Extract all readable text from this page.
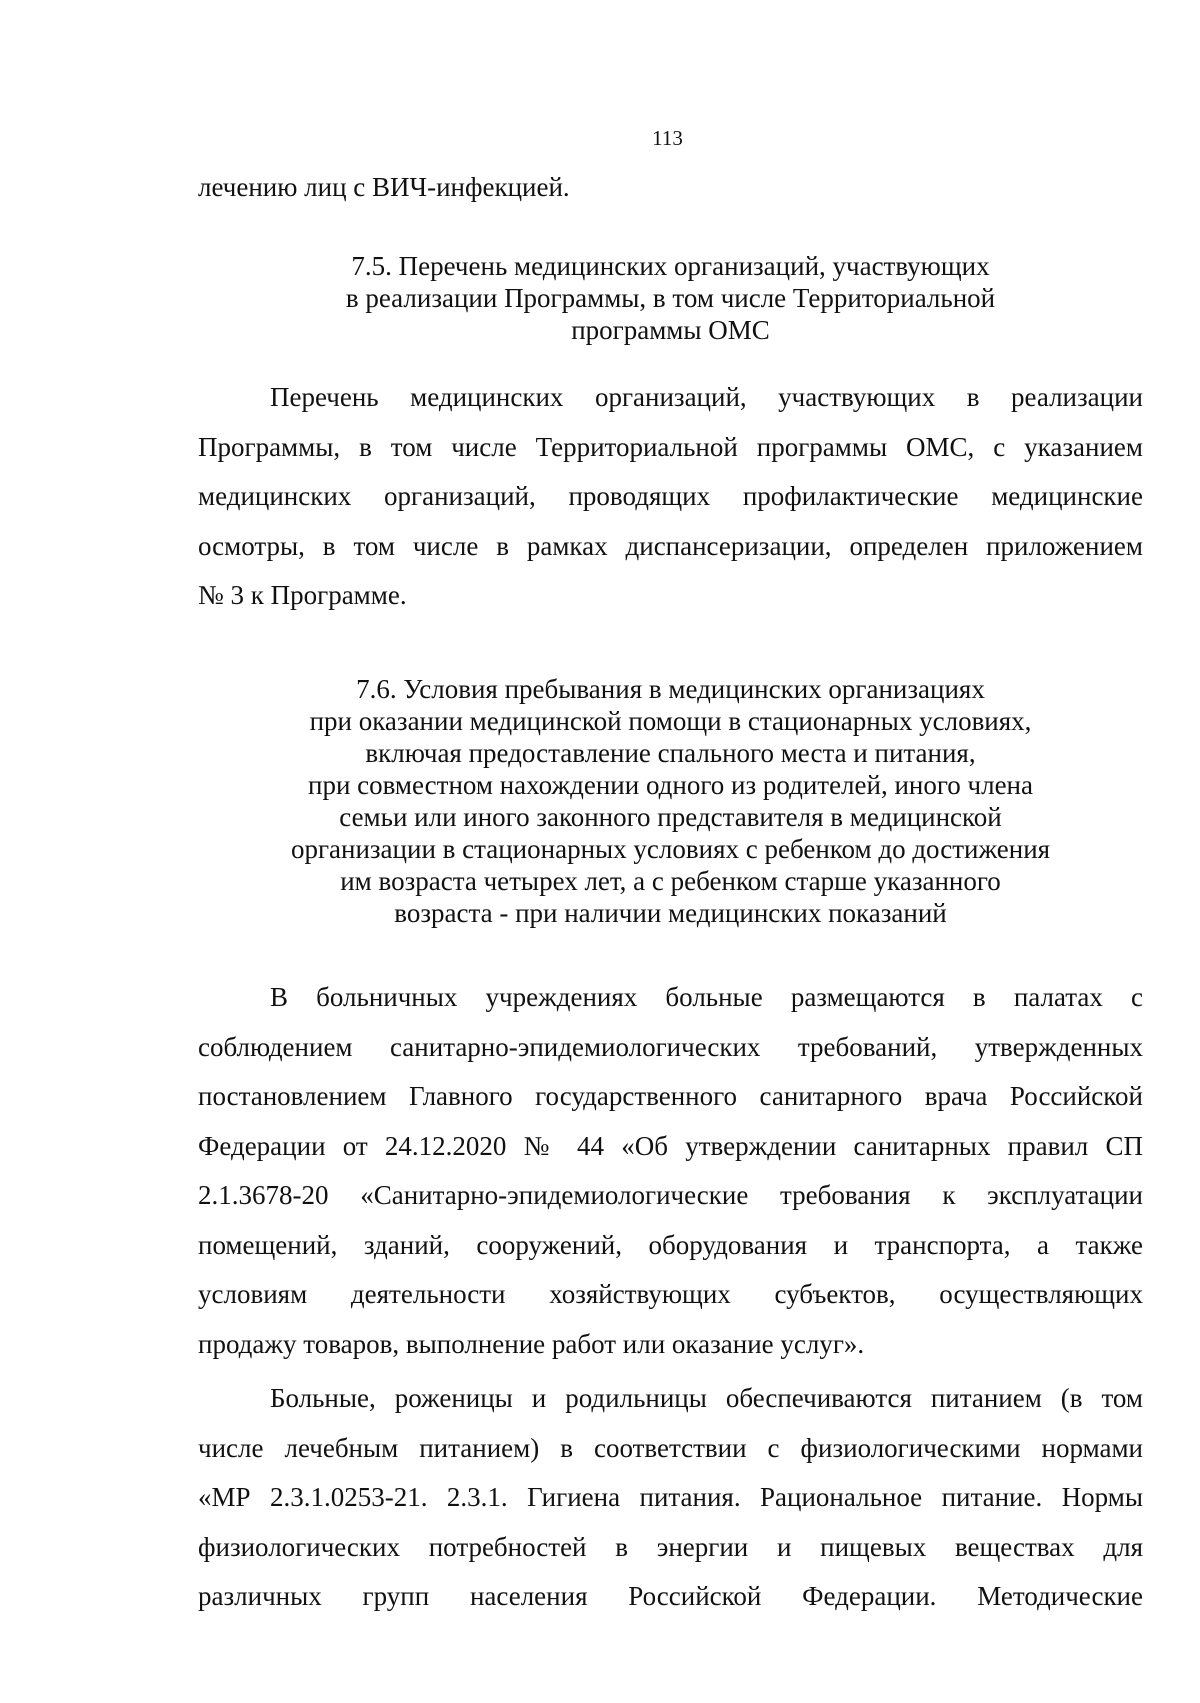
113
лечению лиц с ВИЧ-инфекцией.
7.5. Перечень медицинских организаций, участвующих
в реализации Программы, в том числе Территориальной
программы ОМС
Перечень медицинских организаций, участвующих в реализации
Программы, в том числе Территориальной программы ОМС, с указанием
медицинских организаций, проводящих профилактические медицинские
осмотры, в том числе в рамках диспансеризации, определен приложением
№ 3 к Программе.
7.6. Условия пребывания в медицинских организациях
при оказании медицинской помощи в стационарных условиях,
включая предоставление спального места и питания,
при совместном нахождении одного из родителей, иного члена
семьи или иного законного представителя в медицинской
организации в стационарных условиях с ребенком до достижения
им возраста четырех лет, а с ребенком старше указанного
возраста - при наличии медицинских показаний
В больничных учреждениях больные размещаются в палатах с
соблюдением санитарно-эпидемиологических требований, утвержденных
постановлением Главного государственного санитарного врача Российской
Федерации от 24.12.2020 № 44 «Об утверждении санитарных правил СП
2.1.3678-20 «Санитарно-эпидемиологические требования к эксплуатации
помещений, зданий, сооружений, оборудования и транспорта, а также
условиям деятельности хозяйствующих субъектов, осуществляющих
продажу товаров, выполнение работ или оказание услуг».
Больные, роженицы и родильницы обеспечиваются питанием (в том
числе лечебным питанием) в соответствии с физиологическими нормами
«МР 2.3.1.0253-21. 2.3.1. Гигиена питания. Рациональное питание. Нормы
физиологических потребностей в энергии и пищевых веществах для
различных групп населения Российской Федерации. Методические
